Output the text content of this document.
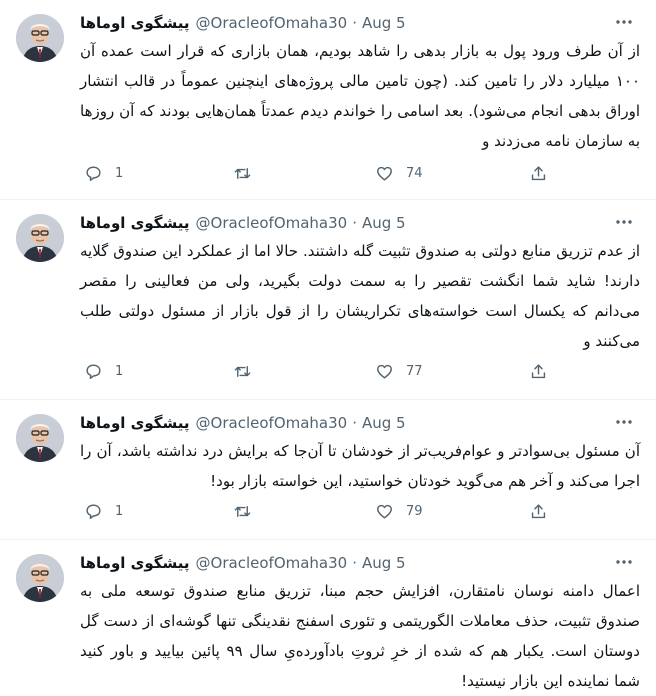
پیشگوی اوماها @OracleofOmaha30 · Aug 5
از آن طرف ورود پول به بازار بدهی را شاهد بودیم، همان بازاری که قرار است عمده آن ۱۰۰ میلیارد دلار را تامین کند. (چون تامین مالی پروژه‌های اینچنین عموماً در قالب انتشار اوراق بدهی انجام می‌شود). بعد اسامی را خواندم دیدم عمدتاً همان‌هایی بودند که آن روزها به سازمان نامه می‌زدند و
1	74
پیشگوی اوماها @OracleofOmaha30 · Aug 5
از عدم تزریق منابع دولتی به صندوق تثبیت گله داشتند. حالا اما از عملکرد این صندوق گلایه دارند! شاید شما انگشت تقصیر را به سمت دولت بگیرید، ولی من فعالینی را مقصر می‌دانم که یکسال است خواسته‌های تکراریشان را از قول بازار از مسئول دولتی طلب می‌کنند و
1	77
پیشگوی اوماها @OracleofOmaha30 · Aug 5
آن مسئول بی‌سوادتر و عوام‌فریب‌تر از خودشان تا آن‌جا که برایش درد نداشته باشد، آن را اجرا می‌کند و آخر هم می‌گوید خودتان خواستید، این خواسته بازار بود!
1	79
پیشگوی اوماها @OracleofOmaha30 · Aug 5
اعمال دامنه نوسان نامتقارن، افزایش حجم مبنا، تزریق منابع صندوق توسعه ملی به صندوق تثبیت، حذف معاملات الگوریتمی و تئوری اسفنج نقدینگی تنها گوشه‌ای از دست گل دوستان است. یکبار هم که شده از خرِ ثروتِ بادآورده‌یِ سال ۹۹ پائین بیایید و باور کنید شما نماینده این بازار نیستید!
